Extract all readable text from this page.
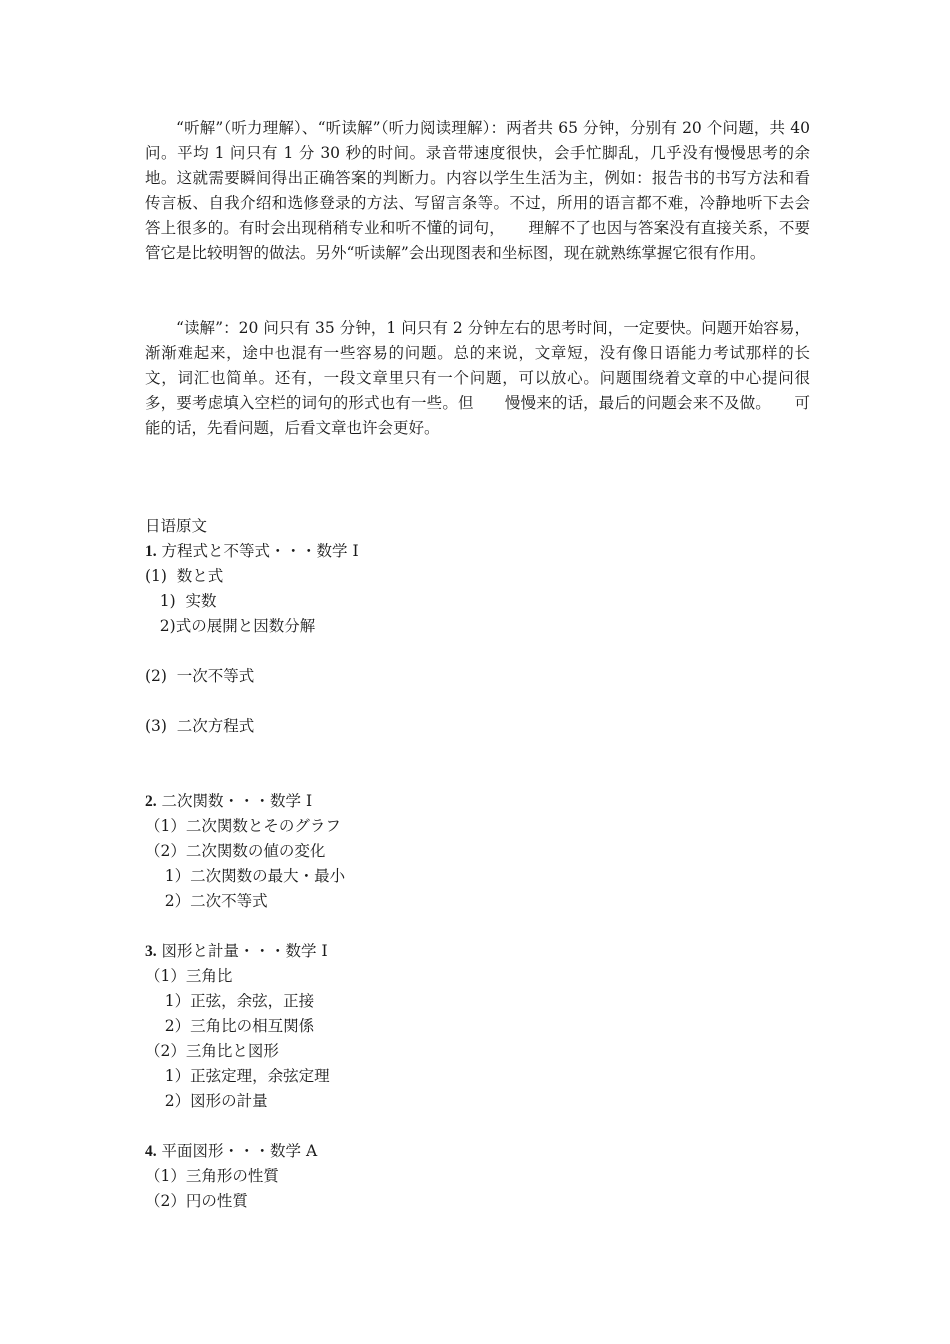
“听解”（听力理解）、“听读解”（听力阅读理解）：两者共 65 分钟，分别有 20 个问题，共 40 问。平均 1 问只有 1 分 30 秒的时间。录音带速度很快，会手忙脚乱，几乎没有慢慢思考的余地。这就需要瞬间得出正确答案的判断力。内容以学生生活为主，例如：报告书的书写方法和看传言板、自我介绍和选修登录的方法、写留言条等。不过，所用的语言都不难，冷静地听下去会答上很多的。有时会出现稍稍专业和听不懂的词句，　　理解不了也因与答案没有直接关系，不要管它是比较明智的做法。另外“听读解”会出现图表和坐标图，现在就熟练掌握它很有作用。

“读解”：20 问只有 35 分钟，1 问只有 2 分钟左右的思考时间，一定要快。问题开始容易，渐渐难起来，途中也混有一些容易的问题。总的来说，文章短，没有像日语能力考试那样的长文，词汇也简单。还有，一段文章里只有一个问题，可以放心。问题围绕着文章的中心提问很多，要考虑填入空栏的词句的形式也有一些。但　　慢慢来的话，最后的问题会来不及做。　　可能的话，先看问题，后看文章也许会更好。

日语原文
1. 方程式と不等式・・・数学 I
(1)  数と式
1)  实数
2)式の展開と因数分解
(2)  一次不等式
(3)  二次方程式
2. 二次関数・・・数学 I
（1）二次関数とそのグラフ
（2）二次関数の値の変化
1）二次関数の最大・最小
2）二次不等式
3. 図形と計量・・・数学 I
（1）三角比
1）正弦，余弦，正接
2）三角比の相互関係
（2）三角比と図形
1）正弦定理，余弦定理
2）図形の計量
4. 平面図形・・・数学 A
（1）三角形の性質
（2）円の性質
